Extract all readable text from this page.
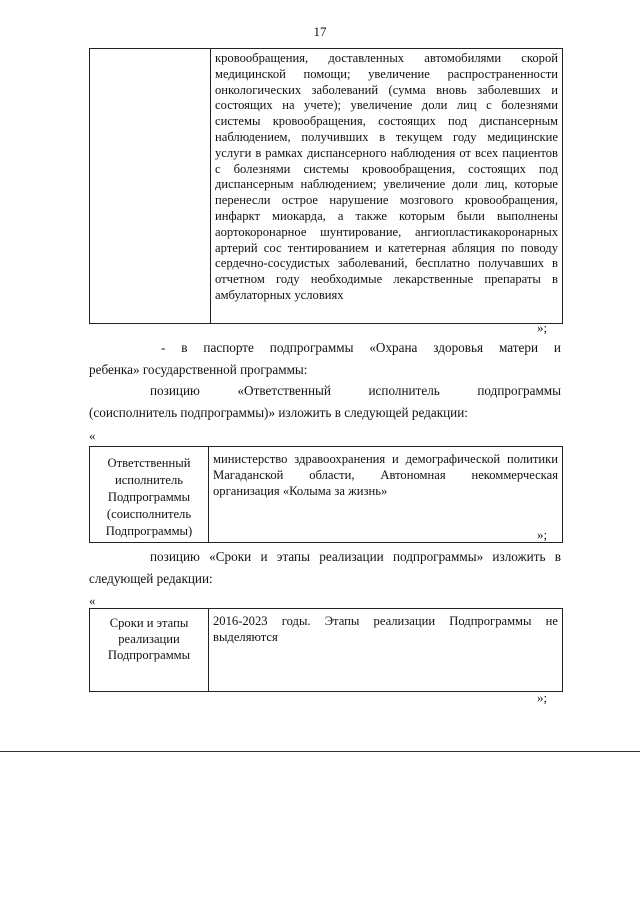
17
	кровообращения, доставленных автомобилями скорой медицинской помощи; увеличение распространенности онкологических заболеваний (сумма вновь заболевших и состоящих на учете); увеличение доли лиц с болезнями системы кровообращения, состоящих под диспансерным наблюдением, получивших в текущем году медицинские услуги в рамках диспансерного наблюдения от всех пациентов с болезнями системы кровообращения, состоящих под диспансерным наблюдением; увеличение доли лиц, которые перенесли острое нарушение мозгового кровообращения, инфаркт миокарда, а также которым были выполнены аортокоронарное шунтирование, ангиопластикакоронарных артерий сос тентированием и катетерная абляция по поводу сердечно-сосудистых заболеваний, бесплатно получавших в отчетном году необходимые лекарственные препараты в амбулаторных условиях
»;
- в паспорте подпрограммы «Охрана здоровья матери и
ребенка» государственной программы:
позицию «Ответственный исполнитель подпрограммы
(соисполнитель подпрограммы)» изложить в следующей редакции:
«
Ответственный исполнитель Подпрограммы (соисполнитель Подпрограммы)	министерство здравоохранения и демографической политики Магаданской области, Автономная некоммерческая организация «Колыма за жизнь»
»;
позицию «Сроки и этапы реализации подпрограммы» изложить в
следующей редакции:
«
Сроки и этапы реализации Подпрограммы	2016-2023 годы. Этапы реализации Подпрограммы не выделяются
»;
